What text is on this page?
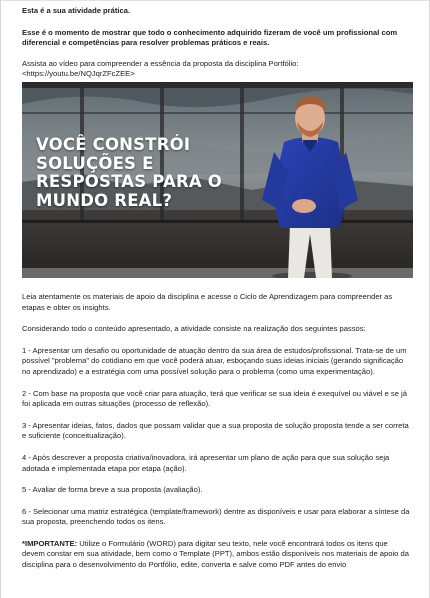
Esta é a sua atividade prática.

Esse é o momento de mostrar que todo o conhecimento adquirido fizeram de você um profissional com diferencial e competências para resolver problemas práticos e reais.

Assista ao vídeo para compreender a essência da proposta da disciplina Portfólio:

<https://youtu.be/NQJqrZFcZEE>

VOCÊ CONSTRÓI SOLUÇÕES E RESPOSTAS PARA O MUNDO REAL?

Leia atentamente os materiais de apoio da disciplina e acesse o Ciclo de Aprendizagem para compreender as etapas e obter os insights.

Considerando todo o conteúdo apresentado, a atividade consiste na realização dos seguintes passos:

1 - Apresentar um desafio ou oportunidade de atuação dentro da sua área de estudos/profissional. Trata-se de um possível "problema" do cotidiano em que você poderá atuar, esboçando suas ideias iniciais (gerando significação no aprendizado) e a estratégia com uma possível solução para o problema (como uma experimentação).

2 - Com base na proposta que você criar para atuação, terá que verificar se sua ideia é exequível ou viável e se já foi aplicada em outras situações (processo de reflexão).

3 - Apresentar ideias, fatos, dados que possam validar que a sua proposta de solução proposta tende a ser correta e suficiente (conceitualização).

4 - Após descrever a proposta criativa/inovadora, irá apresentar um plano de ação para que sua solução seja adotada e implementada etapa por etapa (ação).

5 - Avaliar de forma breve a sua proposta (avaliação).

6 - Selecionar uma matriz estratégica (template/framework) dentre as disponíveis e usar para elaborar a síntese da sua proposta, preenchendo todos os itens.

*IMPORTANTE: Utilize o Formulário (WORD) para digitar seu texto, nele você encontrará todos os itens que devem constar em sua atividade, bem como o Template (PPT), ambos estão disponíveis nos materiais de apoio da disciplina para o desenvolvimento do Portfólio, edite, converta e salve como PDF antes do envio
